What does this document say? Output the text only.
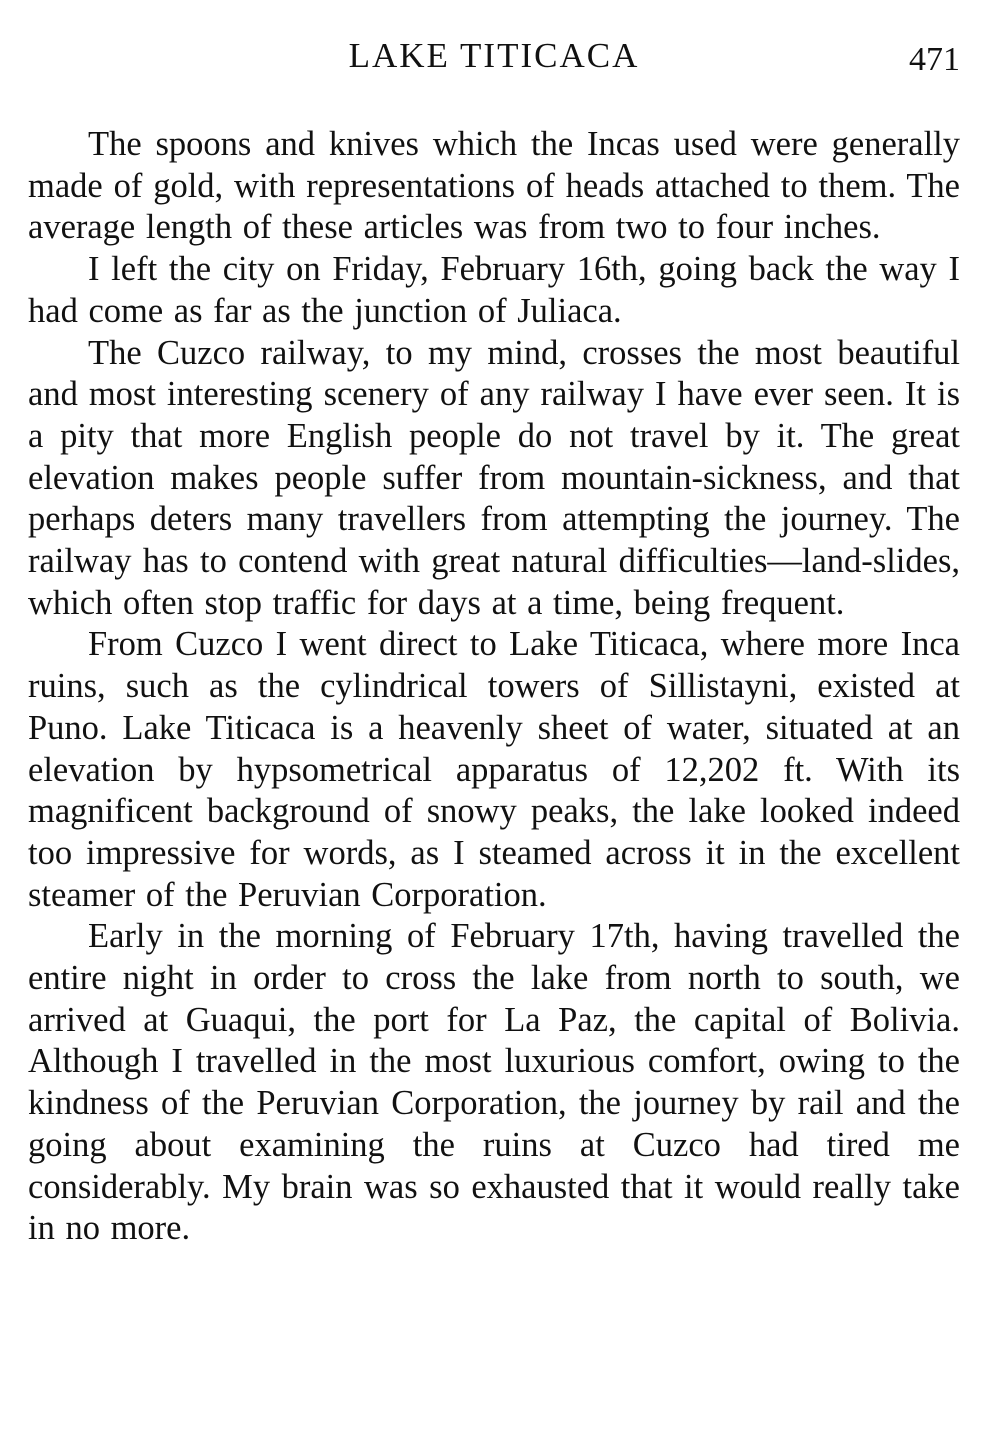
LAKE TITICACA	471

The spoons and knives which the Incas used were generally made of gold, with representations of heads attached to them. The average length of these articles was from two to four inches.

I left the city on Friday, February 16th, going back the way I had come as far as the junction of Juliaca.

The Cuzco railway, to my mind, crosses the most beautiful and most interesting scenery of any railway I have ever seen. It is a pity that more English people do not travel by it. The great elevation makes people suffer from mountain-sickness, and that perhaps deters many travellers from attempting the journey. The railway has to contend with great natural difficulties—land-slides, which often stop traffic for days at a time, being frequent.

From Cuzco I went direct to Lake Titicaca, where more Inca ruins, such as the cylindrical towers of Sillistayni, existed at Puno. Lake Titicaca is a heavenly sheet of water, situated at an elevation by hypsometrical apparatus of 12,202 ft. With its magnificent background of snowy peaks, the lake looked indeed too impressive for words, as I steamed across it in the excellent steamer of the Peruvian Corporation.

Early in the morning of February 17th, having travelled the entire night in order to cross the lake from north to south, we arrived at Guaqui, the port for La Paz, the capital of Bolivia. Although I travelled in the most luxurious comfort, owing to the kindness of the Peruvian Corporation, the journey by rail and the going about examining the ruins at Cuzco had tired me considerably. My brain was so exhausted that it would really take in no more.
